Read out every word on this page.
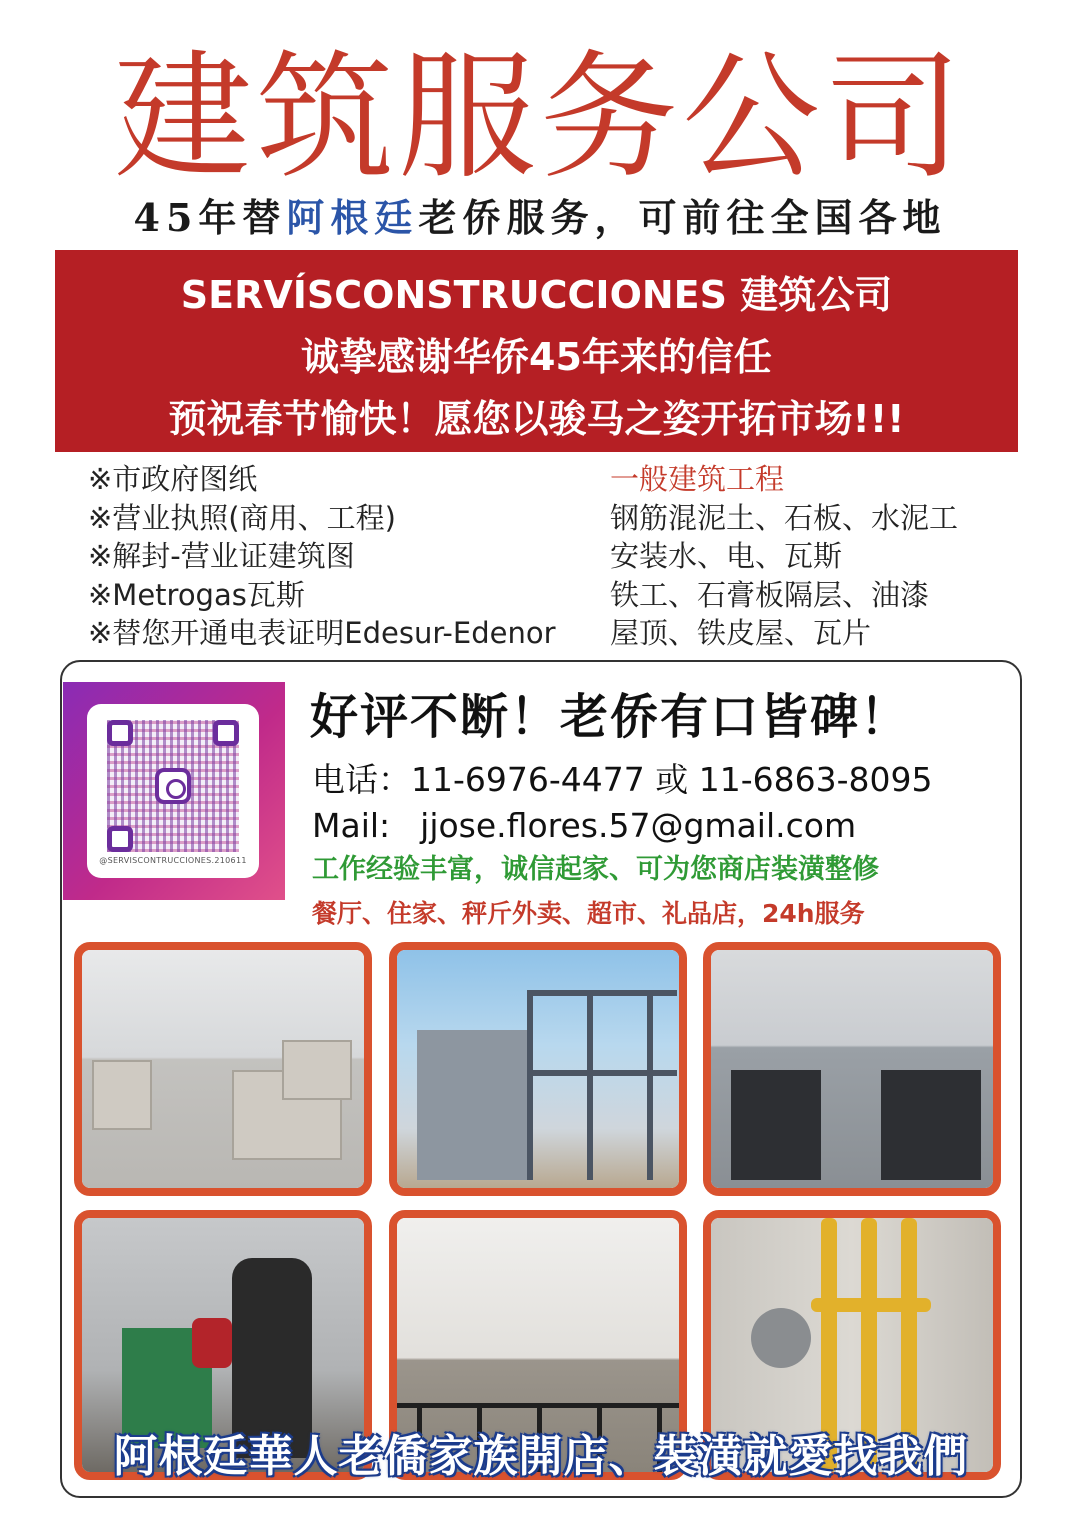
建筑服务公司
45年替阿根廷老侨服务，可前往全国各地
SERVÍSCONSTRUCCIONES 建筑公司
诚挚感谢华侨45年来的信任
预祝春节愉快！愿您以骏马之姿开拓市场!!!
※市政府图纸
※营业执照(商用、工程)
※解封-营业证建筑图
※Metrogas瓦斯
※替您开通电表证明Edesur-Edenor
一般建筑工程
钢筋混泥土、石板、水泥工
安装水、电、瓦斯
铁工、石膏板隔层、油漆
屋顶、铁皮屋、瓦片
@SERVISCONTRUCCIONES.210611
好评不断！老侨有口皆碑！
电话：11-6976-4477 或 11-6863-8095
Mail: jjose.flores.57@gmail.com
工作经验丰富，诚信起家、可为您商店装潢整修
餐厅、住家、秤斤外卖、超市、礼品店，24h服务
阿根廷華人老僑家族開店、裝潢就愛找我們
